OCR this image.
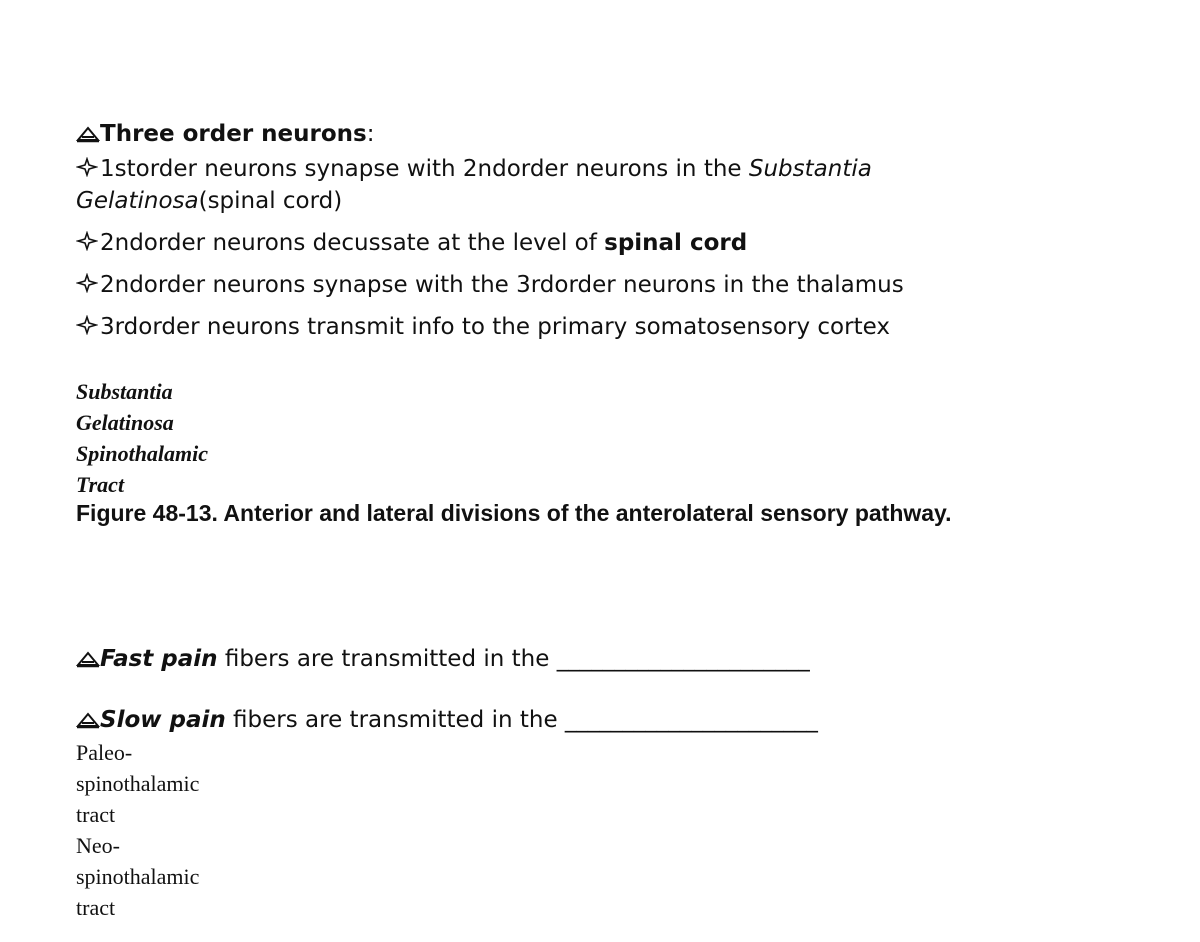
Three order neurons:
1storder neurons synapse with 2ndorder neurons in the Substantia
Gelatinosa(spinal cord)
2ndorder neurons decussate at the level of spinal cord
2ndorder neurons synapse with the 3rdorder neurons in the thalamus
3rdorder neurons transmit info to the primary somatosensory cortex
Substantia
Gelatinosa
Spinothalamic
Tract
Figure 48-13. Anterior and lateral divisions of the anterolateral sensory pathway.
Fast pain fibers are transmitted in the ______________________
Slow pain fibers are transmitted in the ______________________
Paleo-
spinothalamic
tract
Neo-
spinothalamic
tract
